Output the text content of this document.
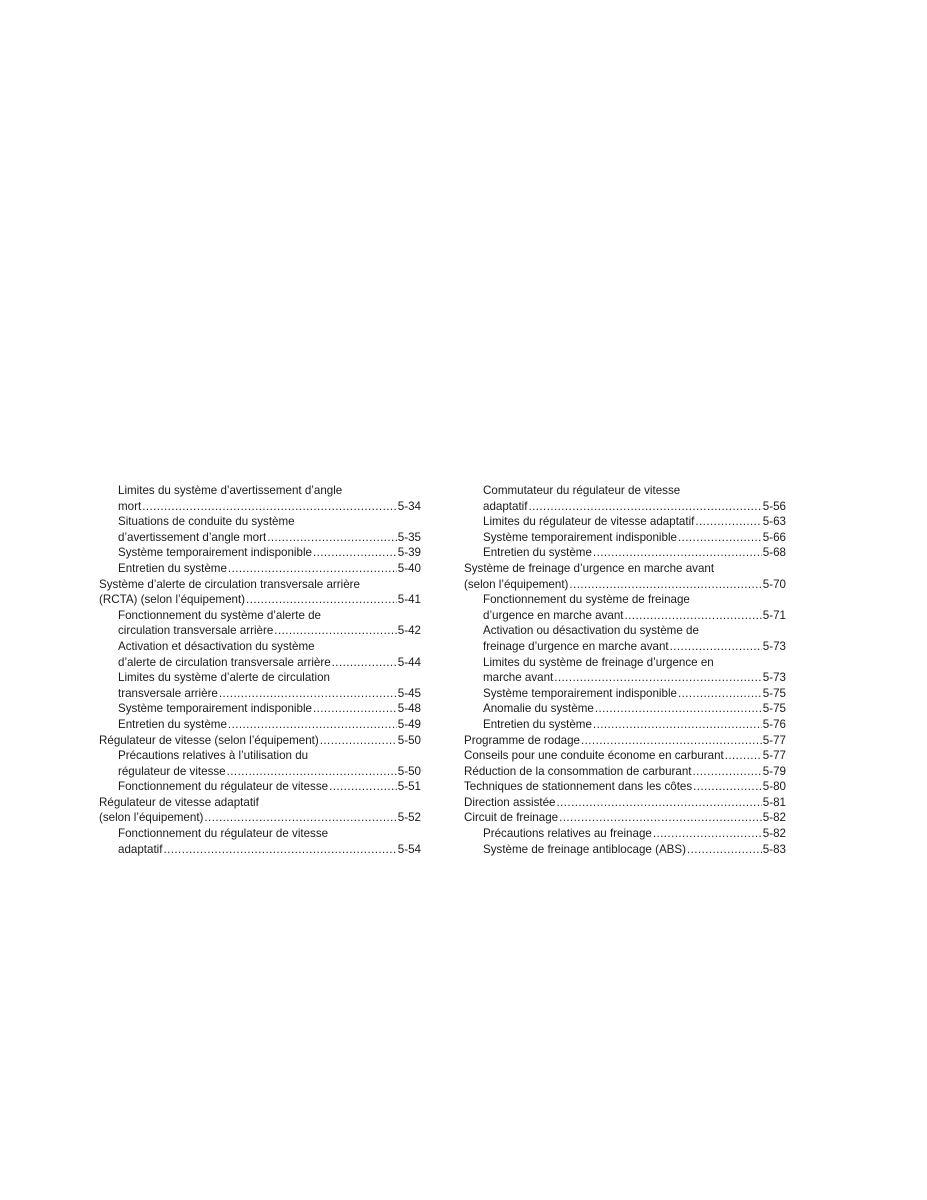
Limites du système d’avertissement d’angle
mort . . .	5-34
Situations de conduite du système
d’avertissement d’angle mort . . .	5-35
Système temporairement indisponible . . .	5-39
Entretien du système . . .	5-40
Système d’alerte de circulation transversale arrière
(RCTA) (selon l’équipement) . . .	5-41
Fonctionnement du système d’alerte de
circulation transversale arrière . . .	5-42
Activation et désactivation du système
d’alerte de circulation transversale arrière . . .	5-44
Limites du système d’alerte de circulation
transversale arrière . . .	5-45
Système temporairement indisponible . . .	5-48
Entretien du système . . .	5-49
Régulateur de vitesse (selon l’équipement) . . .	5-50
Précautions relatives à l’utilisation du
régulateur de vitesse . . .	5-50
Fonctionnement du régulateur de vitesse . . .	5-51
Régulateur de vitesse adaptatif
(selon l’équipement) . . .	5-52
Fonctionnement du régulateur de vitesse
adaptatif . . .	5-54
Commutateur du régulateur de vitesse
adaptatif . . .	5-56
Limites du régulateur de vitesse adaptatif . . .	5-63
Système temporairement indisponible . . .	5-66
Entretien du système . . .	5-68
Système de freinage d’urgence en marche avant
(selon l’équipement) . . .	5-70
Fonctionnement du système de freinage
d’urgence en marche avant . . .	5-71
Activation ou désactivation du système de
freinage d’urgence en marche avant . . .	5-73
Limites du système de freinage d’urgence en
marche avant . . .	5-73
Système temporairement indisponible . . .	5-75
Anomalie du système . . .	5-75
Entretien du système . . .	5-76
Programme de rodage . . .	5-77
Conseils pour une conduite économe en carburant . . .	5-77
Réduction de la consommation de carburant . . .	5-79
Techniques de stationnement dans les côtes . . .	5-80
Direction assistée . . .	5-81
Circuit de freinage . . .	5-82
Précautions relatives au freinage . . .	5-82
Système de freinage antiblocage (ABS) . . .	5-83
